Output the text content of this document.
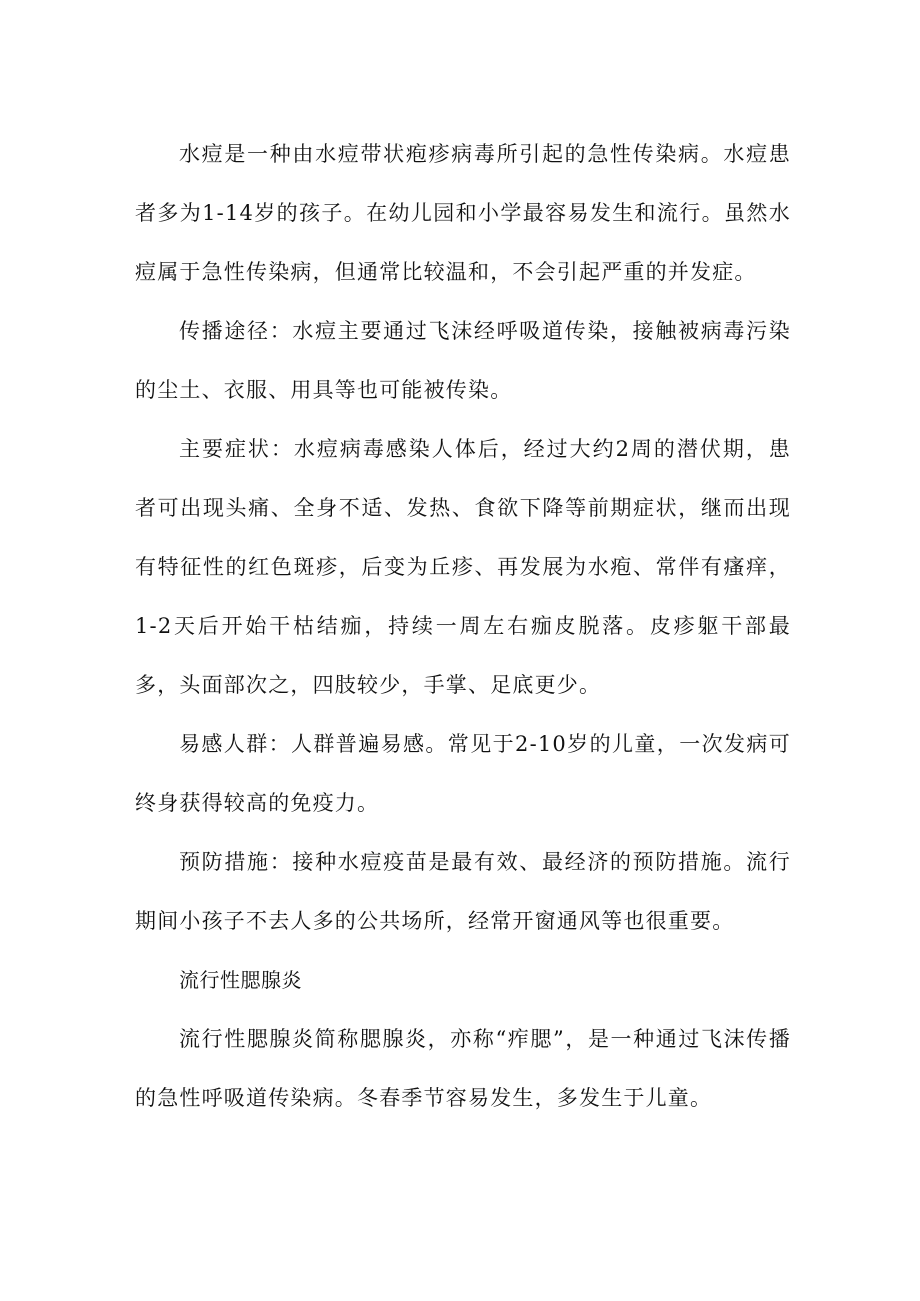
水痘是一种由水痘带状疱疹病毒所引起的急性传染病。水痘患者多为1-14岁的孩子。在幼儿园和小学最容易发生和流行。虽然水痘属于急性传染病，但通常比较温和，不会引起严重的并发症。

传播途径：水痘主要通过飞沫经呼吸道传染，接触被病毒污染的尘土、衣服、用具等也可能被传染。

主要症状：水痘病毒感染人体后，经过大约2周的潜伏期，患者可出现头痛、全身不适、发热、食欲下降等前期症状，继而出现有特征性的红色斑疹，后变为丘疹、再发展为水疱、常伴有瘙痒，1-2天后开始干枯结痂，持续一周左右痂皮脱落。皮疹躯干部最多，头面部次之，四肢较少，手掌、足底更少。

易感人群：人群普遍易感。常见于2-10岁的儿童，一次发病可终身获得较高的免疫力。

预防措施：接种水痘疫苗是最有效、最经济的预防措施。流行期间小孩子不去人多的公共场所，经常开窗通风等也很重要。

流行性腮腺炎

流行性腮腺炎简称腮腺炎，亦称“痄腮”，是一种通过飞沫传播的急性呼吸道传染病。冬春季节容易发生，多发生于儿童。
